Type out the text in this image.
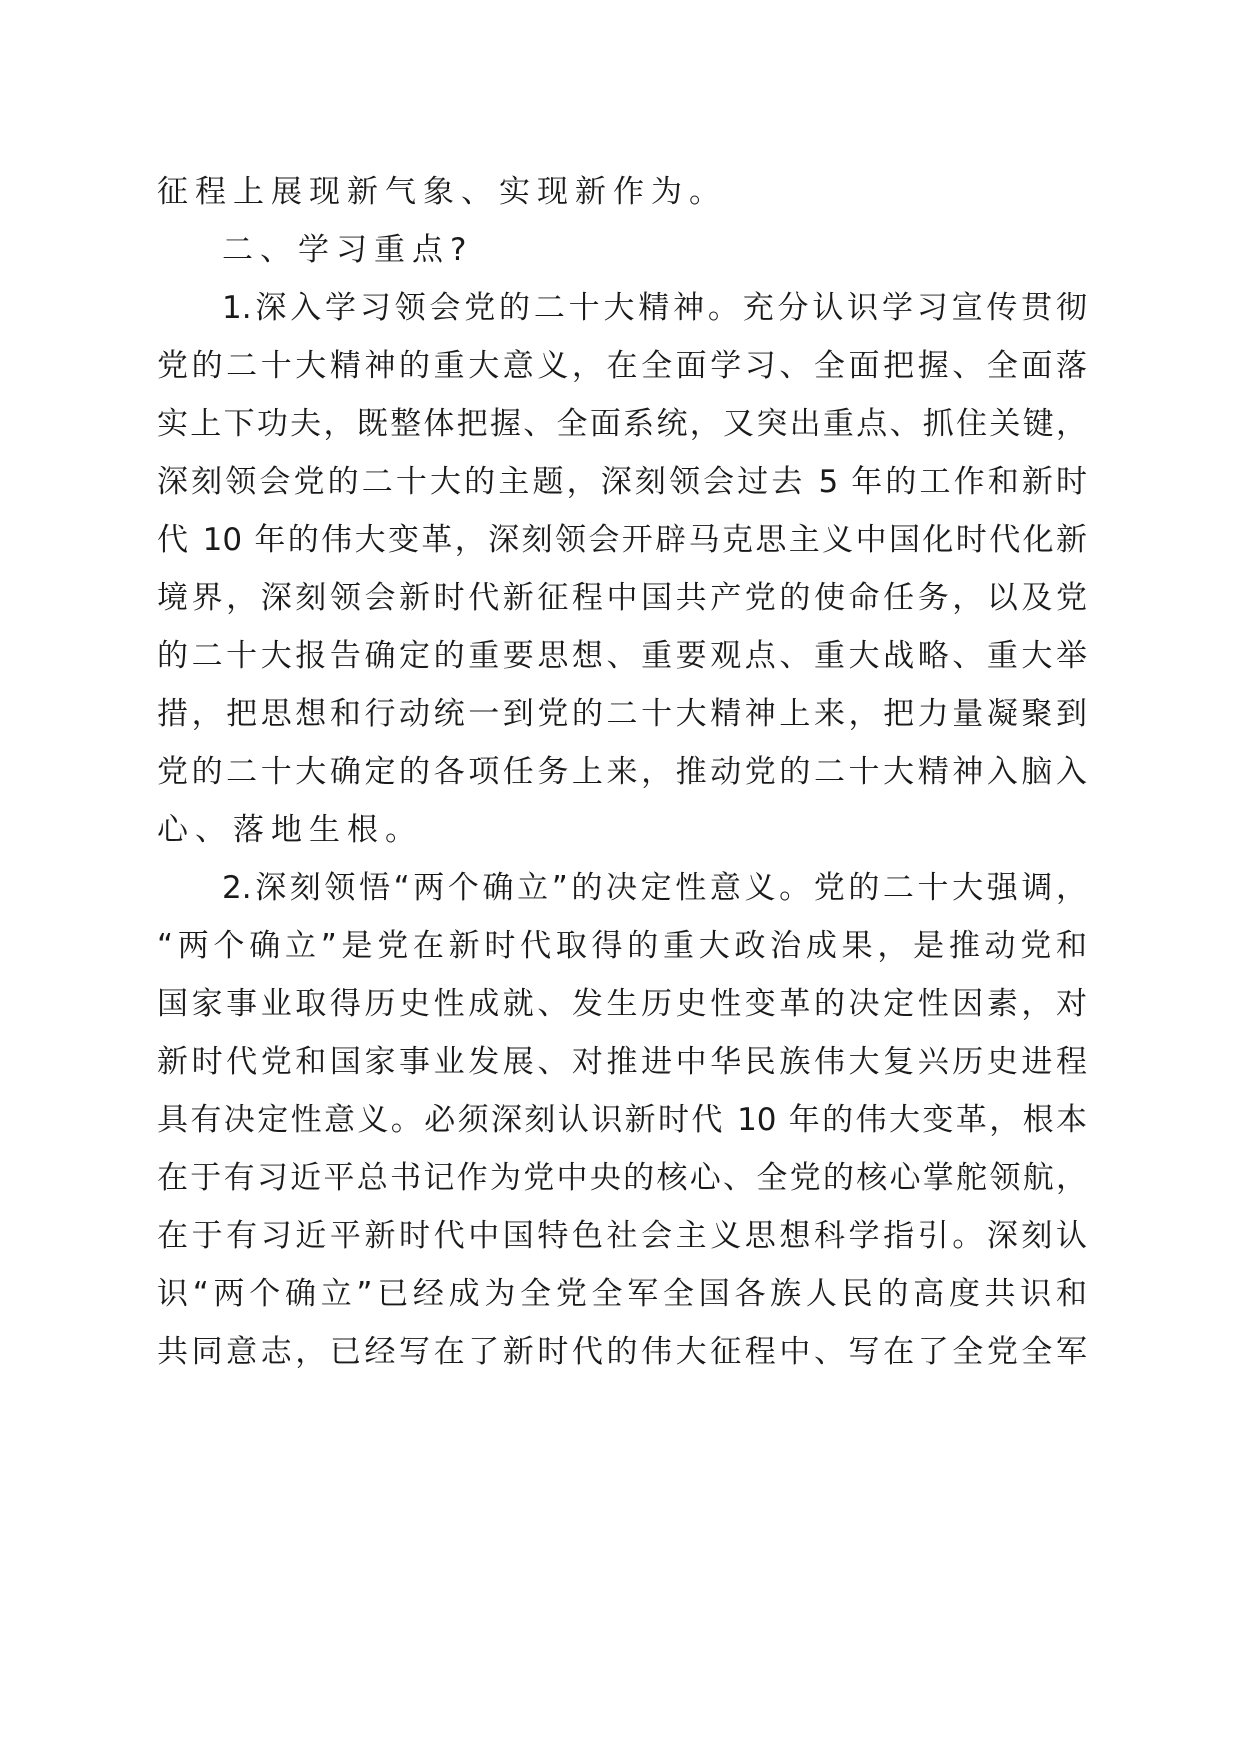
征程上展现新气象、实现新作为。
二、学习重点?
1.深入学习领会党的二十大精神。充分认识学习宣传贯彻
党的二十大精神的重大意义，在全面学习、全面把握、全面落
实上下功夫，既整体把握、全面系统，又突出重点、抓住关键，
深刻领会党的二十大的主题，深刻领会过去 5 年的工作和新时
代 10 年的伟大变革，深刻领会开辟马克思主义中国化时代化新
境界，深刻领会新时代新征程中国共产党的使命任务，以及党
的二十大报告确定的重要思想、重要观点、重大战略、重大举
措，把思想和行动统一到党的二十大精神上来，把力量凝聚到
党的二十大确定的各项任务上来，推动党的二十大精神入脑入
心、落地生根。
2.深刻领悟“两个确立”的决定性意义。党的二十大强调，
“两个确立”是党在新时代取得的重大政治成果，是推动党和
国家事业取得历史性成就、发生历史性变革的决定性因素，对
新时代党和国家事业发展、对推进中华民族伟大复兴历史进程
具有决定性意义。必须深刻认识新时代 10 年的伟大变革，根本
在于有习近平总书记作为党中央的核心、全党的核心掌舵领航，
在于有习近平新时代中国特色社会主义思想科学指引。深刻认
识“两个确立”已经成为全党全军全国各族人民的高度共识和
共同意志，已经写在了新时代的伟大征程中、写在了全党全军
